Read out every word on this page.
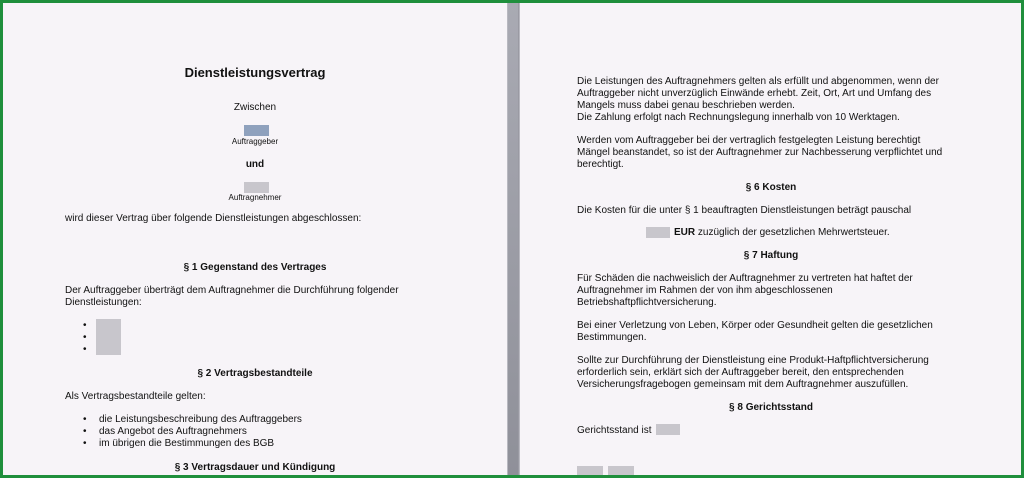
Dienstleistungsvertrag
Zwischen
Auftraggeber
und
Auftragnehmer
wird dieser Vertrag über folgende Dienstleistungen abgeschlossen:
§ 1 Gegenstand des Vertrages
Der Auftraggeber überträgt dem Auftragnehmer die Durchführung folgender
Dienstleistungen:
•
•
•
§ 2 Vertragsbestandteile
Als Vertragsbestandteile gelten:
• die Leistungsbeschreibung des Auftraggebers
• das Angebot des Auftragnehmers
• im übrigen die Bestimmungen des BGB
§ 3 Vertragsdauer und Kündigung
Die Leistungen des Auftragnehmers gelten als erfüllt und abgenommen, wenn der
Auftraggeber nicht unverzüglich Einwände erhebt. Zeit, Ort, Art und Umfang des
Mangels muss dabei genau beschrieben werden.
Die Zahlung erfolgt nach Rechnungslegung innerhalb von 10 Werktagen.
Werden vom Auftraggeber bei der vertraglich festgelegten Leistung berechtigt
Mängel beanstandet, so ist der Auftragnehmer zur Nachbesserung verpflichtet und
berechtigt.
§ 6 Kosten
Die Kosten für die unter § 1 beauftragten Dienstleistungen beträgt pauschal
EUR zuzüglich der gesetzlichen Mehrwertsteuer.
§ 7 Haftung
Für Schäden die nachweislich der Auftragnehmer zu vertreten hat haftet der
Auftragnehmer im Rahmen der von ihm abgeschlossenen
Betriebshaftpflichtversicherung.
Bei einer Verletzung von Leben, Körper oder Gesundheit gelten die gesetzlichen
Bestimmungen.
Sollte zur Durchführung der Dienstleistung eine Produkt-Haftpflichtversicherung
erforderlich sein, erklärt sich der Auftraggeber bereit, den entsprechenden
Versicherungsfragebogen gemeinsam mit dem Auftragnehmer auszufüllen.
§ 8 Gerichtsstand
Gerichtsstand ist
